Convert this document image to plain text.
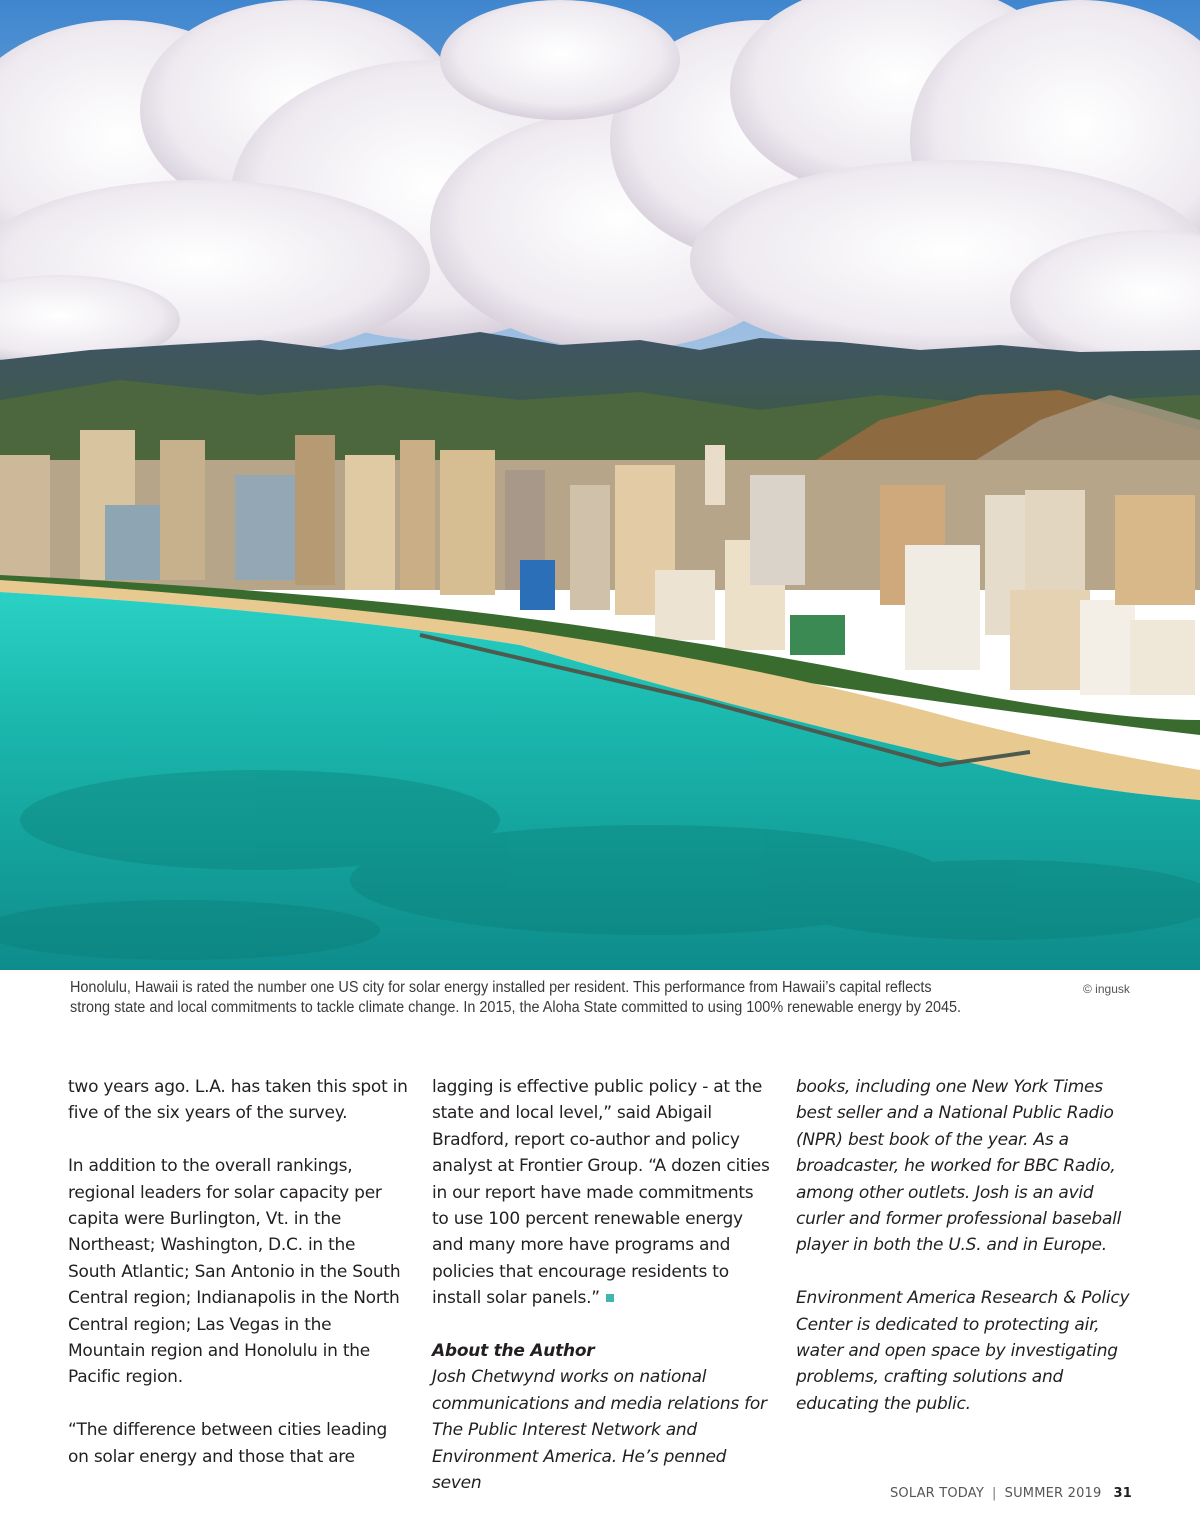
Honolulu, Hawaii is rated the number one US city for solar energy installed per resident. This performance from Hawaii’s capital reflects strong state and local commitments to tackle climate change. In 2015, the Aloha State committed to using 100% renewable energy by 2045.
© ingusk

two years ago. L.A. has taken this spot in five of the six years of the survey.

In addition to the overall rankings, regional leaders for solar capacity per capita were Burlington, Vt. in the Northeast; Washington, D.C. in the South Atlantic; San Antonio in the South Central region; Indianapolis in the North Central region; Las Vegas in the Mountain region and Honolulu in the Pacific region.

“The difference between cities leading on solar energy and those that are

lagging is effective public policy - at the state and local level,” said Abigail Bradford, report co-author and policy analyst at Frontier Group. “A dozen cities in our report have made commitments to use 100 percent renewable energy and many more have programs and policies that encourage residents to install solar panels.”

About the Author
Josh Chetwynd works on national communications and media relations for The Public Interest Network and Environment America. He’s penned seven

books, including one New York Times best seller and a National Public Radio (NPR) best book of the year. As a broadcaster, he worked for BBC Radio, among other outlets. Josh is an avid curler and former professional baseball player in both the U.S. and in Europe.

Environment America Research & Policy Center is dedicated to protecting air, water and open space by investigating problems, crafting solutions and educating the public.

SOLAR TODAY | SUMMER 2019 31
